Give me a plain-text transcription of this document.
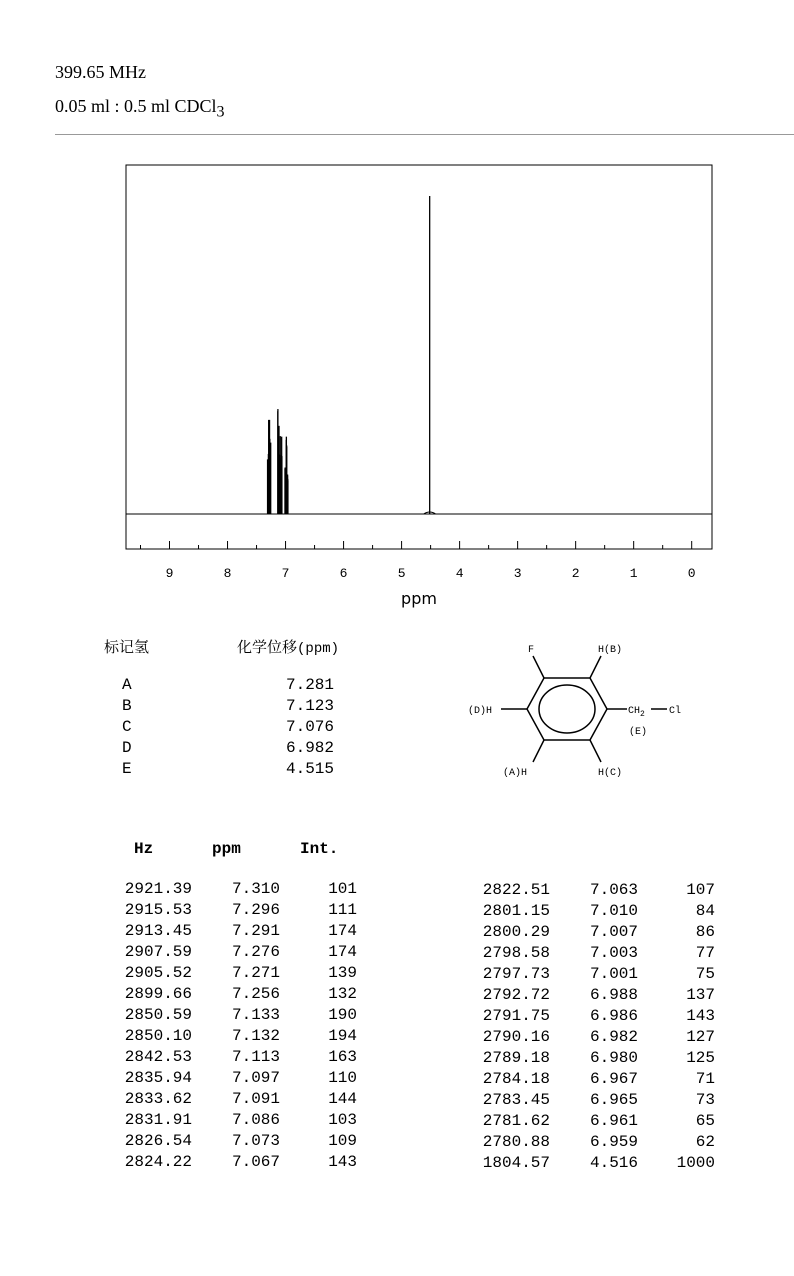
399.65 MHz
0.05 ml : 0.5 ml CDCl$_3$
9	8	7	6	5	4	3	2	1	0
ppm
标记氢	化学位移(ppm)
A	7.281
B	7.123
C	7.076
D	6.982
E	4.515
F	H(B)
(D)H	$CH_2$ Cl
(E)
(A)H	H(C)
Hz	ppm	Int.
2921.39	7.310	101
2915.53	7.296	111
2913.45	7.291	174
2907.59	7.276	174
2905.52	7.271	139
2899.66	7.256	132
2850.59	7.133	190
2850.10	7.132	194
2842.53	7.113	163
2835.94	7.097	110
2833.62	7.091	144
2831.91	7.086	103
2826.54	7.073	109
2824.22	7.067	143
2822.51	7.063	107
2801.15	7.010	84
2800.29	7.007	86
2798.58	7.003	77
2797.73	7.001	75
2792.72	6.988	137
2791.75	6.986	143
2790.16	6.982	127
2789.18	6.980	125
2784.18	6.967	71
2783.45	6.965	73
2781.62	6.961	65
2780.88	6.959	62
1804.57	4.516	1000
